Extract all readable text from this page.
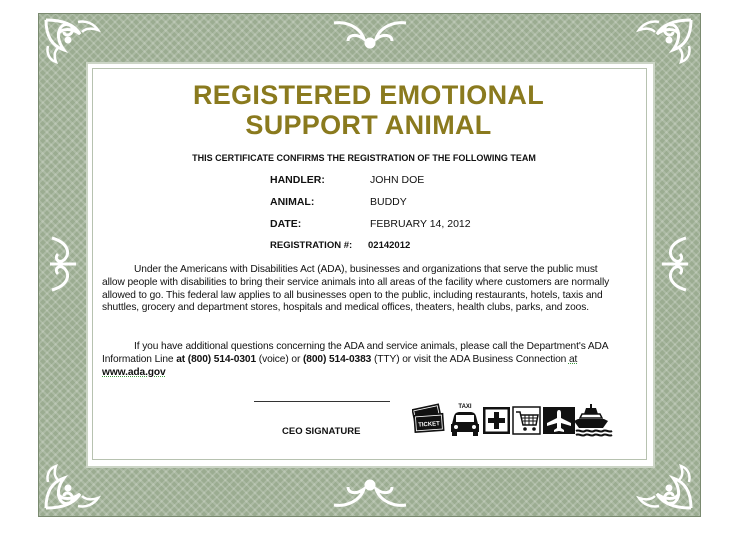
REGISTERED EMOTIONAL
SUPPORT ANIMAL
THIS CERTIFICATE CONFIRMS THE REGISTRATION OF THE FOLLOWING TEAM
HANDLER:	JOHN DOE
ANIMAL:	BUDDY
DATE:	FEBRUARY 14, 2012
REGISTRATION #: 02142012

Under the Americans with Disabilities Act (ADA), businesses and organizations that serve the public must allow people with disabilities to bring their service animals into all areas of the facility where customers are normally allowed to go. This federal law applies to all businesses open to the public, including restaurants, hotels, taxis and shuttles, grocery and department stores, hospitals and medical offices, theaters, health clubs, parks, and zoos.

If you have additional questions concerning the ADA and service animals, please call the Department's ADA Information Line at (800) 514-0301 (voice) or (800) 514-0383 (TTY) or visit the ADA Business Connection at www.ada.gov

CEO SIGNATURE
TICKET
TAXI
